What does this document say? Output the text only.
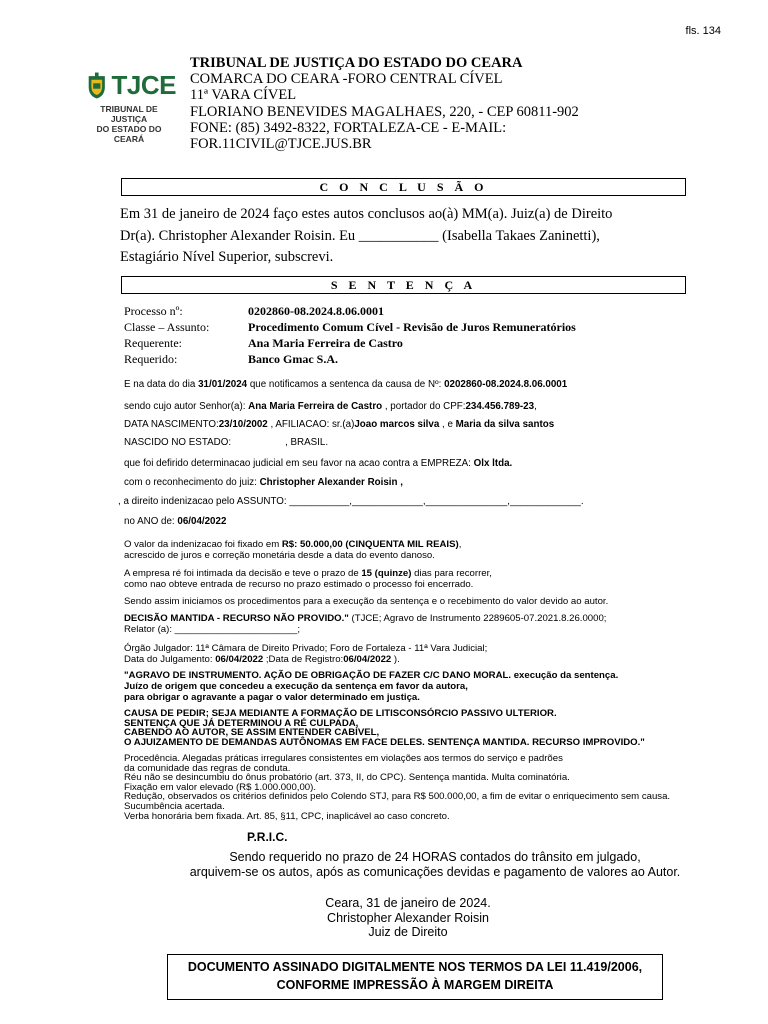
fls. 134
TJCE
TRIBUNAL DE JUSTIÇA
DO ESTADO DO CEARÁ
TRIBUNAL DE JUSTIÇA DO ESTADO DO CEARA
COMARCA DO CEARA -FORO CENTRAL CÍVEL
11ª VARA CÍVEL
FLORIANO BENEVIDES MAGALHAES, 220, - CEP 60811-902
FONE: (85) 3492-8322, FORTALEZA-CE - E-MAIL:
FOR.11CIVIL@TJCE.JUS.BR
C O N C L U S Ã O
Em 31 de janeiro de 2024 faço estes autos conclusos ao(à) MM(a). Juiz(a) de Direito
Dr(a). Christopher Alexander Roisin. Eu ___________ (Isabella Takaes Zaninetti),
Estagiário Nível Superior, subscrevi.
S E N T E N Ç A
Processo nº:	0202860-08.2024.8.06.0001
Classe – Assunto:	Procedimento Comum Cível - Revisão de Juros Remuneratórios
Requerente:	Ana Maria Ferreira de Castro
Requerido:	Banco Gmac S.A.
E na data do dia 31/01/2024 que notificamos a sentenca da causa de Nº: 0202860-08.2024.8.06.0001
sendo cujo autor Senhor(a): Ana Maria Ferreira de Castro , portador do CPF:234.456.789-23,
DATA NASCIMENTO:23/10/2002 , AFILIACAO: sr.(a)Joao marcos silva , e Maria da silva santos
NASCIDO NO ESTADO:	, BRASIL.
que foi defirido determinacao judicial em seu favor na acao contra a EMPREZA: Olx ltda.
com o reconhecimento do juiz: Christopher Alexander Roisin ,
, a direito indenizacao pelo ASSUNTO: ___________,_____________,_______________,_____________.
no ANO de: 06/04/2022
O valor da indenizacao foi fixado em R$: 50.000,00 (CINQUENTA MIL REAIS),
acrescido de juros e correção monetária desde a data do evento danoso.
A empresa ré foi intimada da decisão e teve o prazo de 15 (quinze) dias para recorrer,
como nao obteve entrada de recurso no prazo estimado o processo foi encerrado.
Sendo assim iniciamos os procedimentos para a execução da sentença e o recebimento do valor devido ao autor.
DECISÃO MANTIDA - RECURSO NÃO PROVIDO." (TJCE; Agravo de Instrumento 2289605-07.2021.8.26.0000;
Relator (a): _______________________;
Órgão Julgador: 11ª Câmara de Direito Privado; Foro de Fortaleza - 11ª Vara Judicial;
Data do Julgamento: 06/04/2022 ;Data de Registro:06/04/2022 ).
"AGRAVO DE INSTRUMENTO. AÇÃO DE OBRIGAÇÃO DE FAZER C/C DANO MORAL. execução da sentença.
Juízo de origem que concedeu a execução da sentença em favor da autora,
para obrigar o agravante a pagar o valor determinado em justiça.
CAUSA DE PEDIR; SEJA MEDIANTE A FORMAÇÃO DE LITISCONSÓRCIO PASSIVO ULTERIOR.
SENTENÇA QUE JÁ DETERMINOU A RÉ CULPADA,
CABENDO AO AUTOR, SE ASSIM ENTENDER CABÍVEL,
O AJUIZAMENTO DE DEMANDAS AUTÔNOMAS EM FACE DELES. SENTENÇA MANTIDA. RECURSO IMPROVIDO."
Procedência. Alegadas práticas irregulares consistentes em violações aos termos do serviço e padrões
da comunidade das regras de conduta.
Réu não se desincumbiu do ônus probatório (art. 373, II, do CPC). Sentença mantida. Multa cominatória.
Fixação em valor elevado (R$ 1.000.000,00).
Redução, observados os critérios definidos pelo Colendo STJ, para R$ 500.000,00, a fim de evitar o enriquecimento sem causa.
Sucumbência acertada.
Verba honorária bem fixada. Art. 85, §11, CPC, inaplicável ao caso concreto.
P.R.I.C.
Sendo requerido no prazo de 24 HORAS contados do trânsito em julgado,
arquivem-se os autos, após as comunicações devidas e pagamento de valores ao Autor.
Ceara, 31 de janeiro de 2024.
Christopher Alexander Roisin
Juiz de Direito
DOCUMENTO ASSINADO DIGITALMENTE NOS TERMOS DA LEI 11.419/2006,
CONFORME IMPRESSÃO À MARGEM DIREITA
